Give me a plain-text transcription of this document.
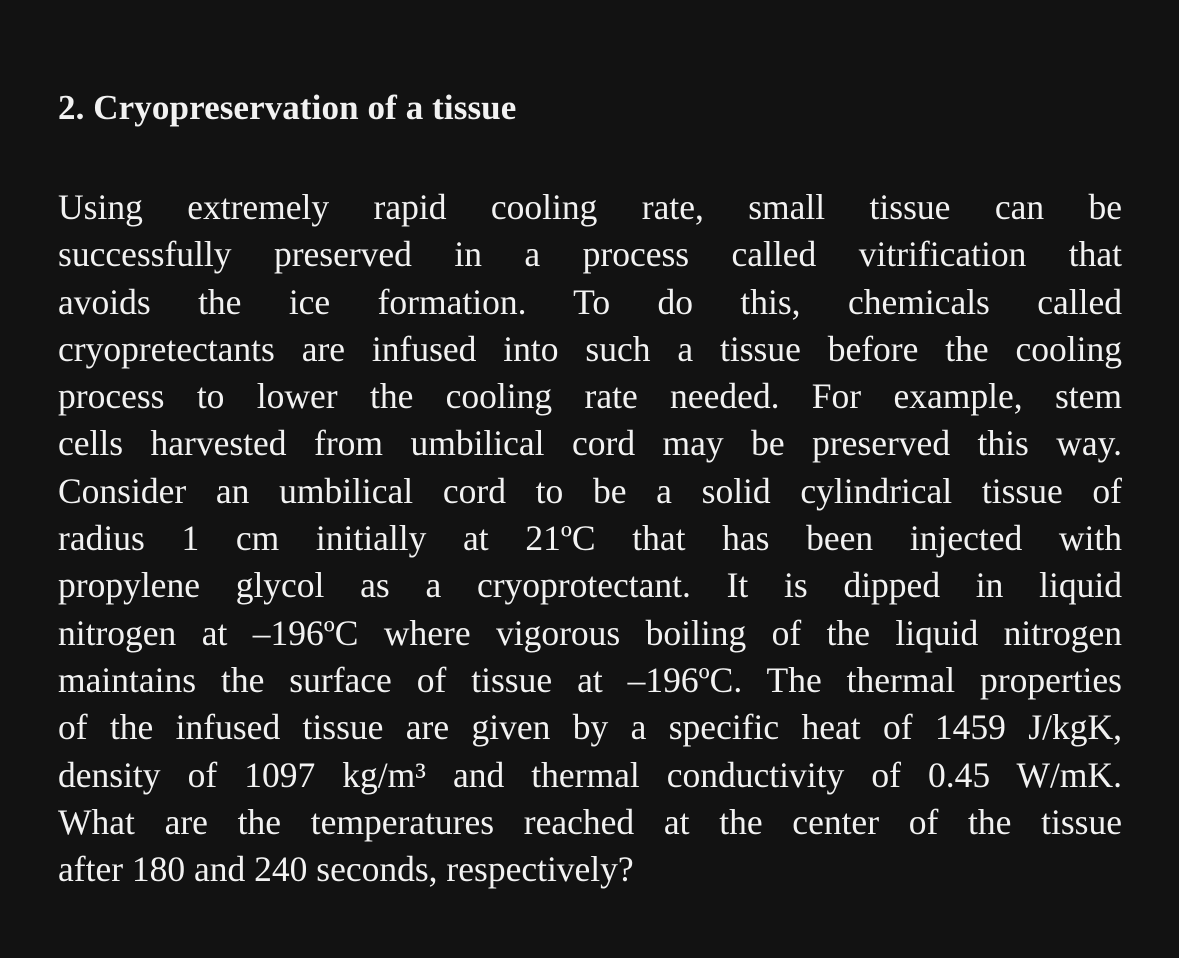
2. Cryopreservation of a tissue
Using extremely rapid cooling rate, small tissue can be
successfully preserved in a process called vitrification that
avoids the ice formation. To do this, chemicals called
cryopretectants are infused into such a tissue before the cooling
process to lower the cooling rate needed. For example, stem
cells harvested from umbilical cord may be preserved this way.
Consider an umbilical cord to be a solid cylindrical tissue of
radius 1 cm initially at 21ºC that has been injected with
propylene glycol as a cryoprotectant. It is dipped in liquid
nitrogen at –196ºC where vigorous boiling of the liquid nitrogen
maintains the surface of tissue at –196ºC. The thermal properties
of the infused tissue are given by a specific heat of 1459 J/kgK,
density of 1097 kg/m³ and thermal conductivity of 0.45 W/mK.
What are the temperatures reached at the center of the tissue
after 180 and 240 seconds, respectively?
